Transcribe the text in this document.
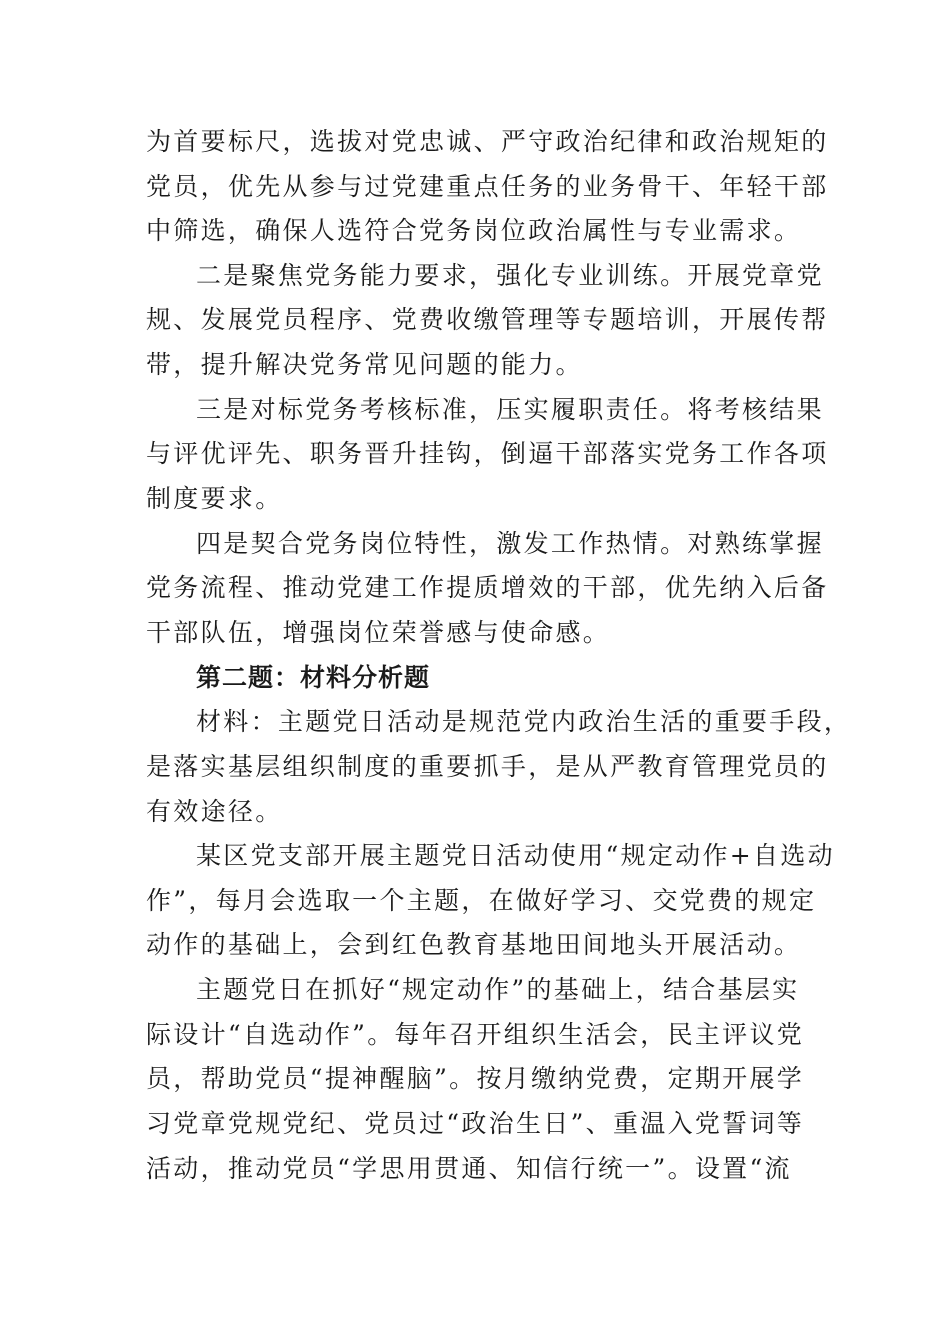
为首要标尺，选拔对党忠诚、严守政治纪律和政治规矩的
党员，优先从参与过党建重点任务的业务骨干、年轻干部
中筛选，确保人选符合党务岗位政治属性与专业需求。
二是聚焦党务能力要求，强化专业训练。开展党章党
规、发展党员程序、党费收缴管理等专题培训，开展传帮
带，提升解决党务常见问题的能力。
三是对标党务考核标准，压实履职责任。将考核结果
与评优评先、职务晋升挂钩，倒逼干部落实党务工作各项
制度要求。
四是契合党务岗位特性，激发工作热情。对熟练掌握
党务流程、推动党建工作提质增效的干部，优先纳入后备
干部队伍，增强岗位荣誉感与使命感。
第二题：材料分析题
材料：主题党日活动是规范党内政治生活的重要手段，
是落实基层组织制度的重要抓手，是从严教育管理党员的
有效途径。
某区党支部开展主题党日活动使用“规定动作+自选动
作”，每月会选取一个主题，在做好学习、交党费的规定
动作的基础上，会到红色教育基地田间地头开展活动。
主题党日在抓好“规定动作”的基础上，结合基层实
际设计“自选动作”。每年召开组织生活会，民主评议党
员，帮助党员“提神醒脑”。按月缴纳党费，定期开展学
习党章党规党纪、党员过“政治生日”、重温入党誓词等
活动，推动党员“学思用贯通、知信行统一”。设置“流
